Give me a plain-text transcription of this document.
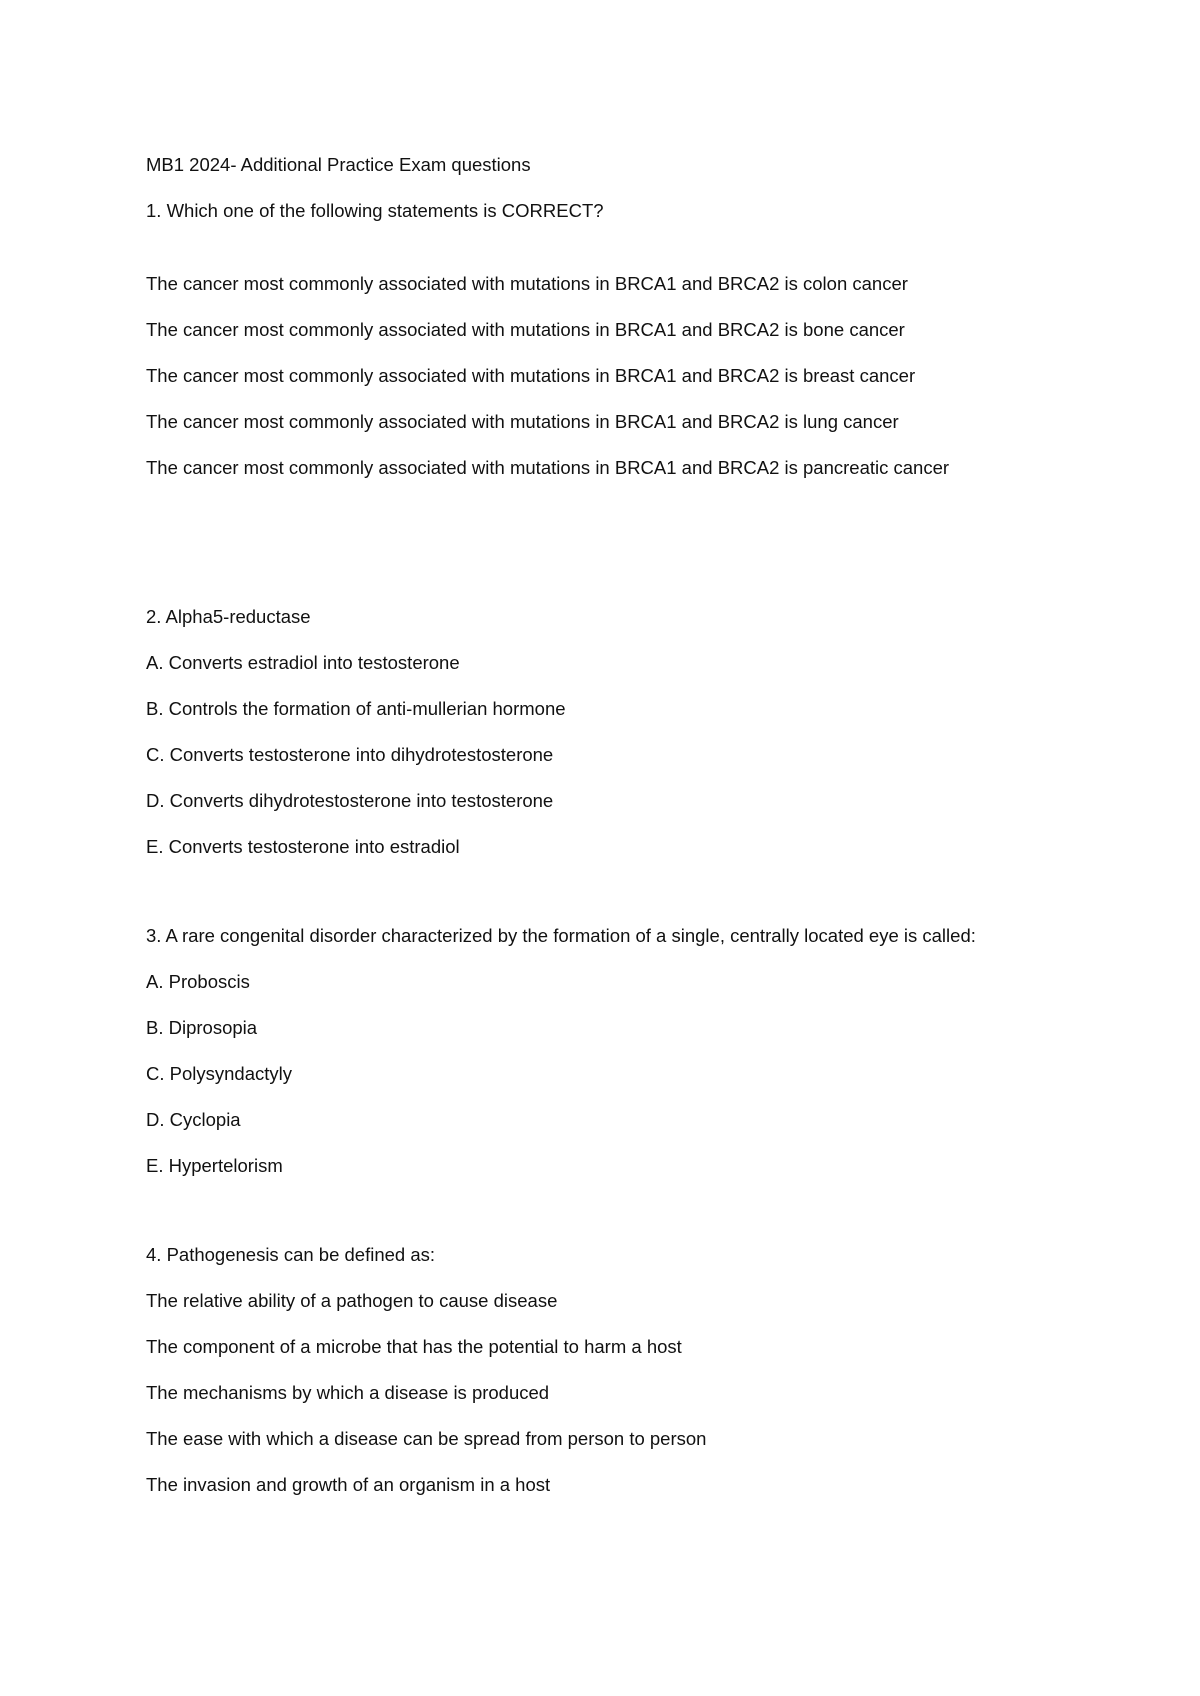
MB1 2024- Additional Practice Exam questions
1. Which one of the following statements is CORRECT?
The cancer most commonly associated with mutations in BRCA1 and BRCA2 is colon cancer
The cancer most commonly associated with mutations in BRCA1 and BRCA2 is bone cancer
The cancer most commonly associated with mutations in BRCA1 and BRCA2 is breast cancer
The cancer most commonly associated with mutations in BRCA1 and BRCA2 is lung cancer
The cancer most commonly associated with mutations in BRCA1 and BRCA2 is pancreatic cancer
2. Alpha5-reductase
A. Converts estradiol into testosterone
B. Controls the formation of anti-mullerian hormone
C. Converts testosterone into dihydrotestosterone
D. Converts dihydrotestosterone into testosterone
E. Converts testosterone into estradiol
3. A rare congenital disorder characterized by the formation of a single, centrally located eye is called:
A. Proboscis
B. Diprosopia
C. Polysyndactyly
D. Cyclopia
E. Hypertelorism
4. Pathogenesis can be defined as:
The relative ability of a pathogen to cause disease
The component of a microbe that has the potential to harm a host
The mechanisms by which a disease is produced
The ease with which a disease can be spread from person to person
The invasion and growth of an organism in a host
